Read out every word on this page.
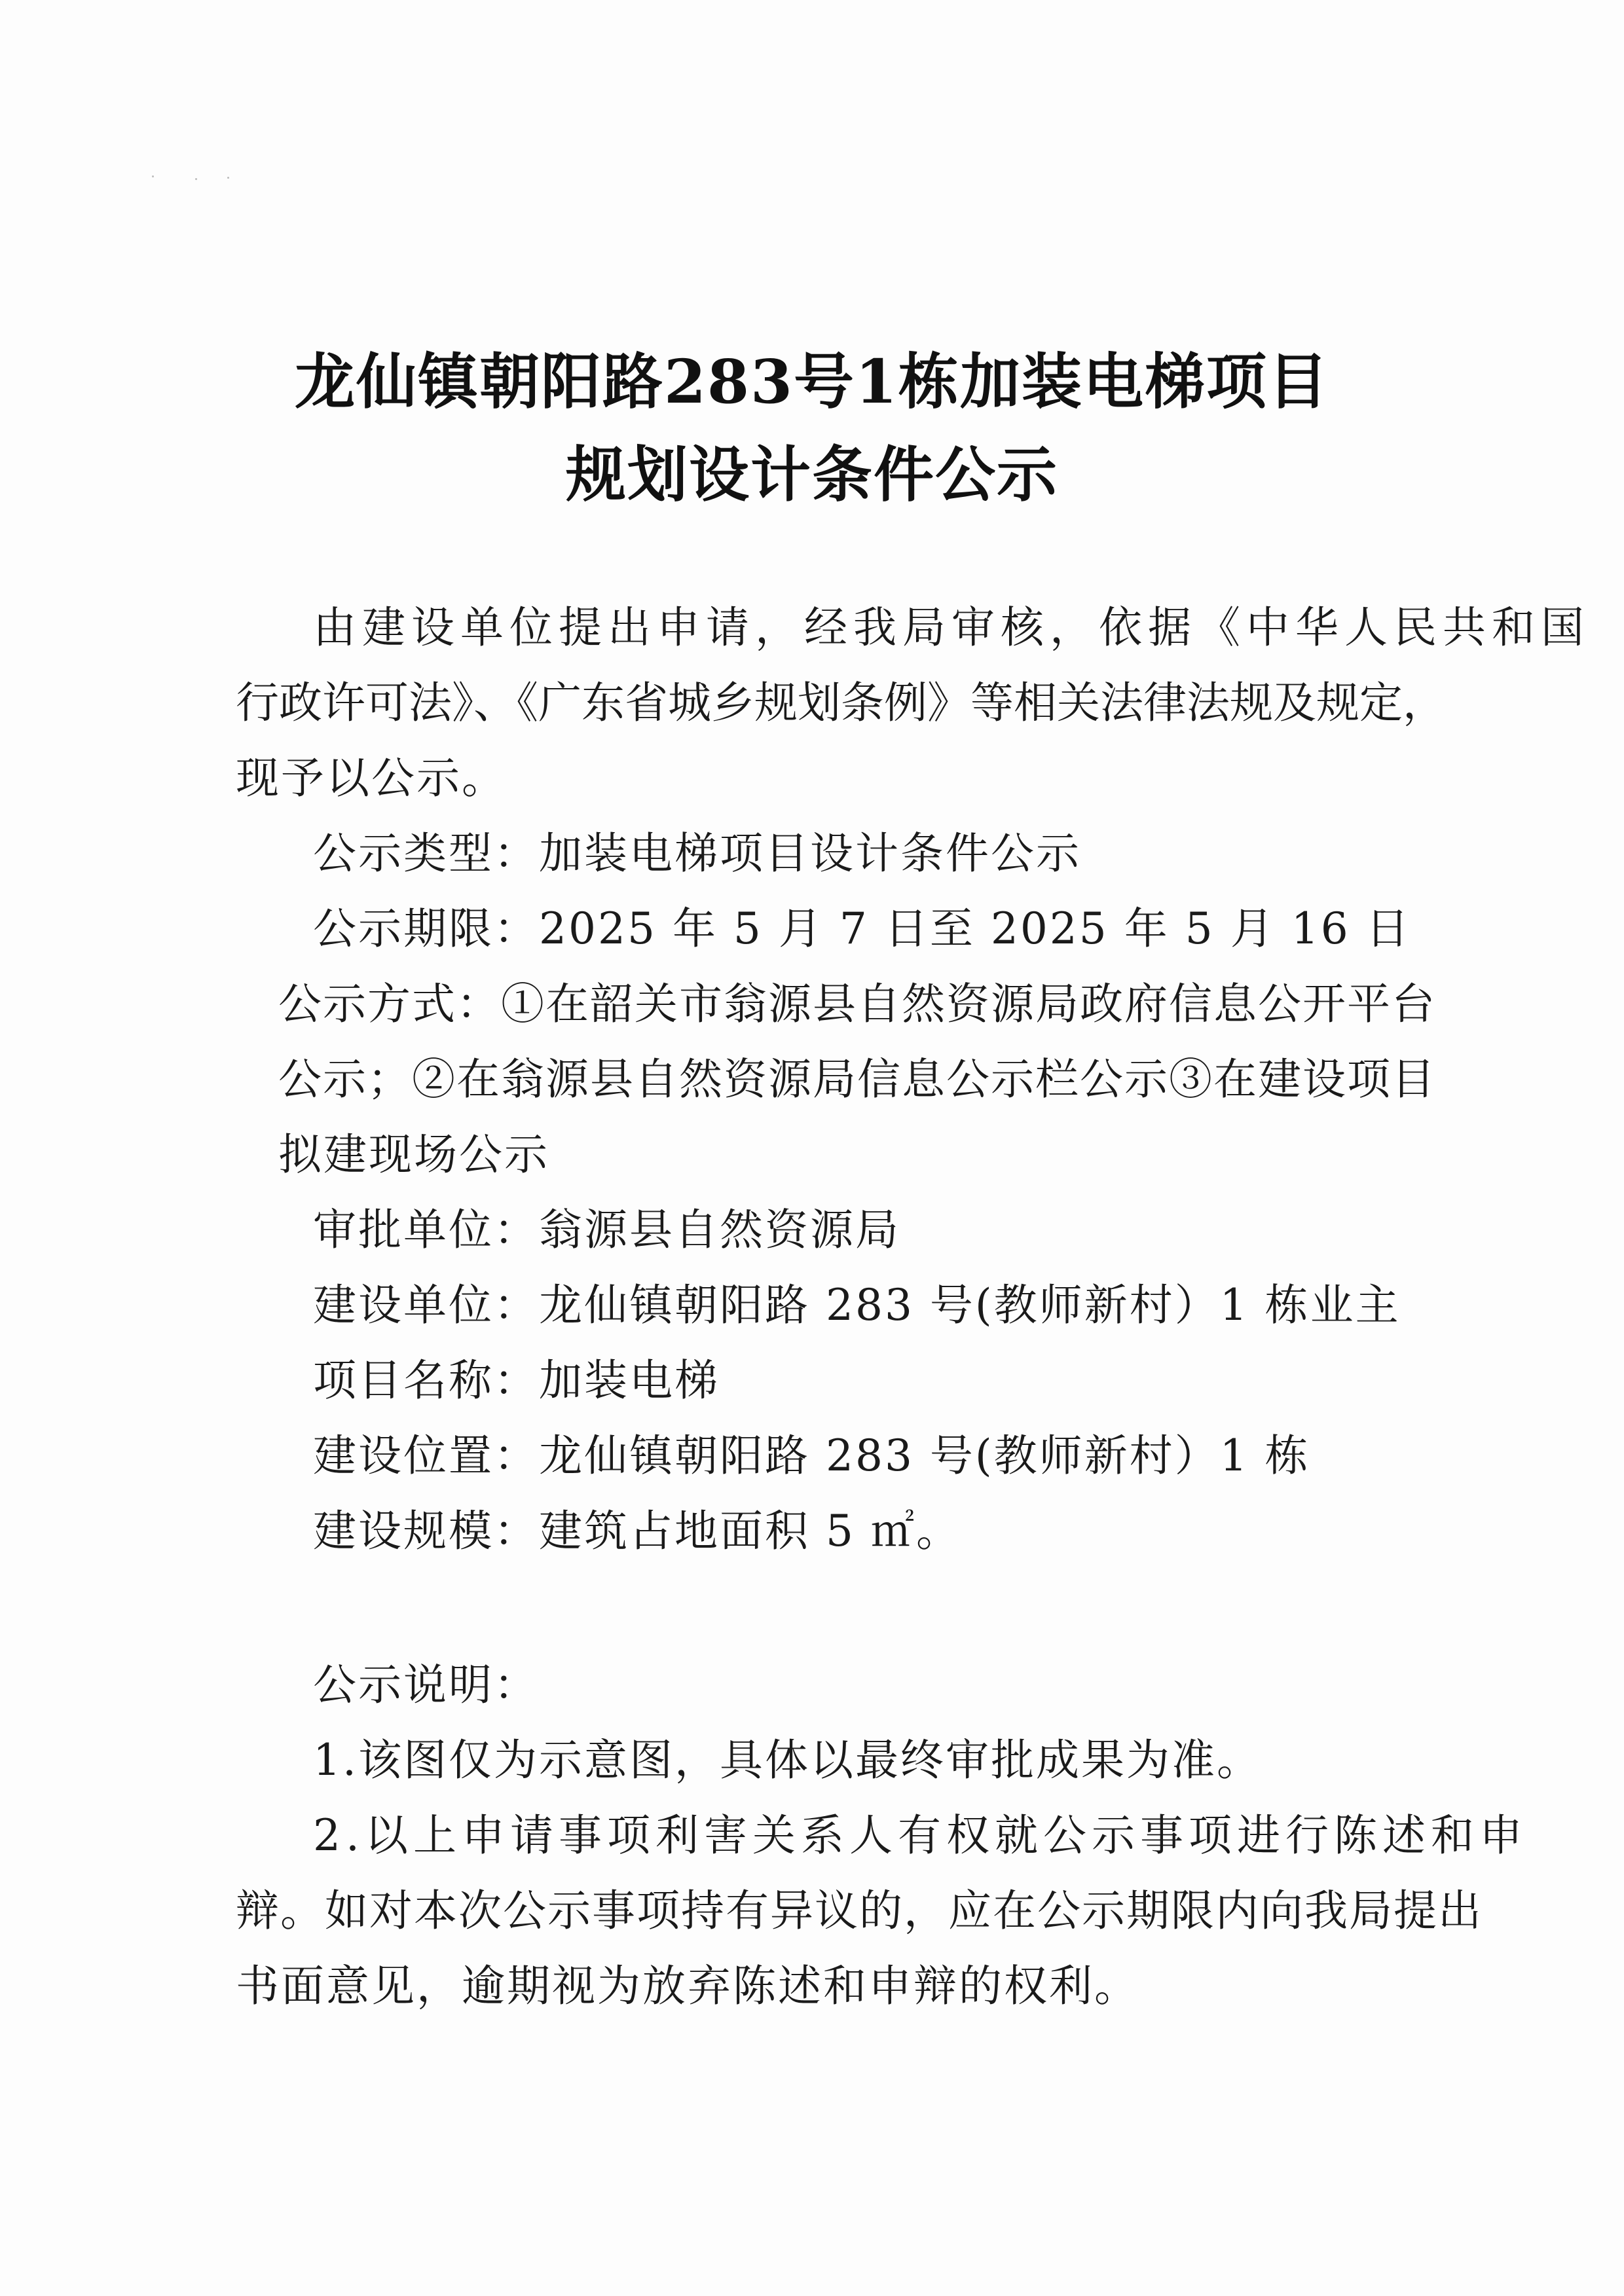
龙仙镇朝阳路283号1栋加装电梯项目
规划设计条件公示
由建设单位提出申请，经我局审核，依据《中华人民共和国
行政许可法》、《广东省城乡规划条例》等相关法律法规及规定，
现予以公示。
公示类型：加装电梯项目设计条件公示
公示期限：2025 年 5 月 7 日至 2025 年 5 月 16 日
公示方式：①在韶关市翁源县自然资源局政府信息公开平台
公示；②在翁源县自然资源局信息公示栏公示③在建设项目
拟建现场公示
审批单位：翁源县自然资源局
建设单位：龙仙镇朝阳路 283 号(教师新村）1 栋业主
项目名称：加装电梯
建设位置：龙仙镇朝阳路 283 号(教师新村）1 栋
建设规模：建筑占地面积 5 ㎡。
公示说明：
1.该图仅为示意图，具体以最终审批成果为准。
2.以上申请事项利害关系人有权就公示事项进行陈述和申
辩。如对本次公示事项持有异议的，应在公示期限内向我局提出
书面意见，逾期视为放弃陈述和申辩的权利。
